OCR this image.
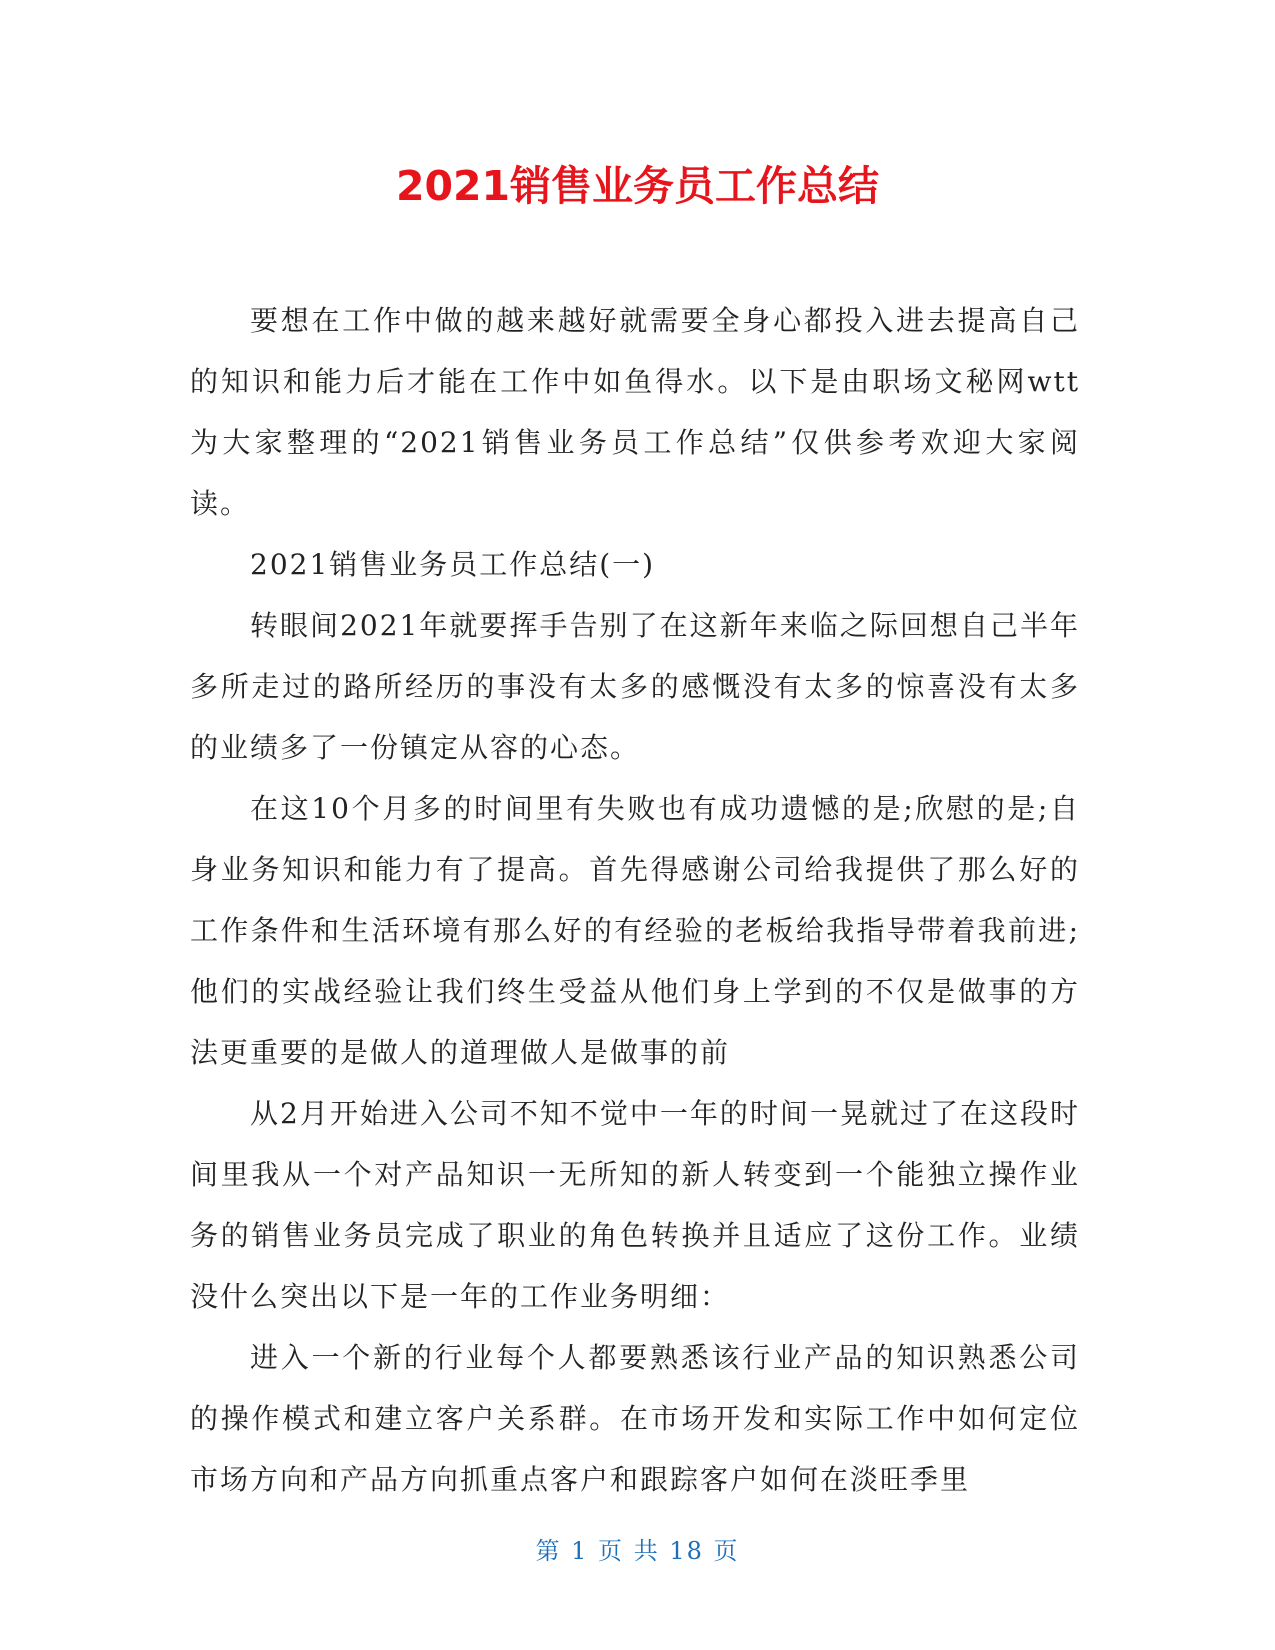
2021销售业务员工作总结

要想在工作中做的越来越好就需要全身心都投入进去提高自己的知识和能力后才能在工作中如鱼得水。以下是由职场文秘网wtt为大家整理的“2021销售业务员工作总结”仅供参考欢迎大家阅读。

2021销售业务员工作总结(一)

转眼间2021年就要挥手告别了在这新年来临之际回想自己半年多所走过的路所经历的事没有太多的感慨没有太多的惊喜没有太多的业绩多了一份镇定从容的心态。

在这10个月多的时间里有失败也有成功遗憾的是;欣慰的是;自身业务知识和能力有了提高。首先得感谢公司给我提供了那么好的工作条件和生活环境有那么好的有经验的老板给我指导带着我前进;他们的实战经验让我们终生受益从他们身上学到的不仅是做事的方法更重要的是做人的道理做人是做事的前

从2月开始进入公司不知不觉中一年的时间一晃就过了在这段时间里我从一个对产品知识一无所知的新人转变到一个能独立操作业务的销售业务员完成了职业的角色转换并且适应了这份工作。业绩没什么突出以下是一年的工作业务明细：

进入一个新的行业每个人都要熟悉该行业产品的知识熟悉公司的操作模式和建立客户关系群。在市场开发和实际工作中如何定位市场方向和产品方向抓重点客户和跟踪客户如何在淡旺季里

第 1 页 共 18 页
